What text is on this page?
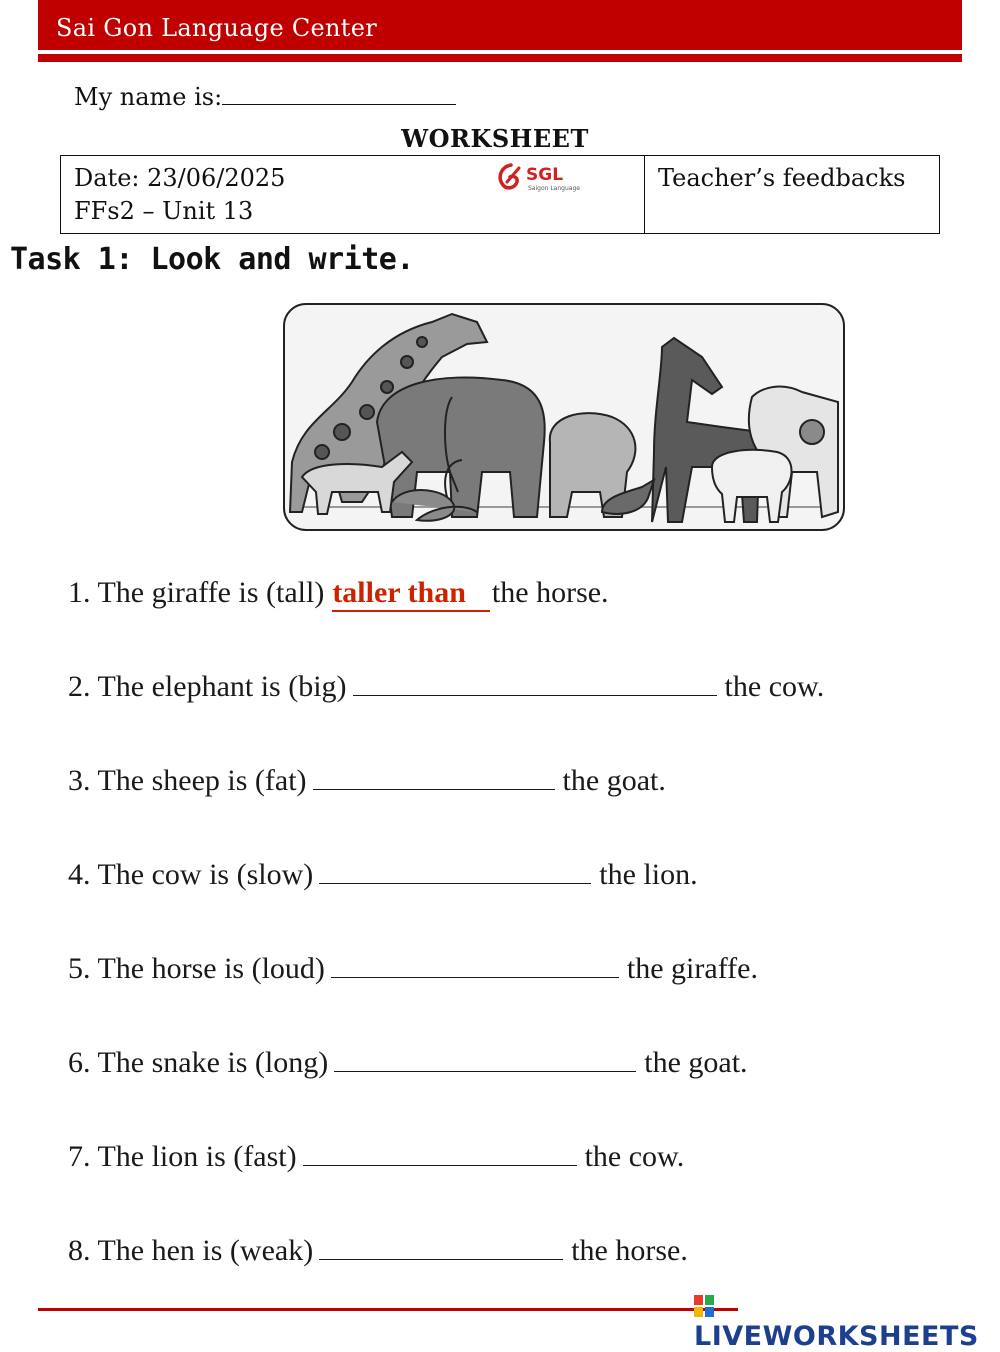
Sai Gon Language Center
My name is:
WORKSHEET
Date: 23/06/2025
FFs2 – Unit 13
SGL
Saigon Language	Teacher’s feedbacks
Task 1: Look and write.
1. The giraffe is (tall) taller than the horse.
2. The elephant is (big)	the cow.
3. The sheep is (fat)	the goat.
4. The cow is (slow)	the lion.
5. The horse is (loud)	the giraffe.
6. The snake is (long)	the goat.
7. The lion is (fast)	the cow.
8. The hen is (weak)	the horse.
LIVEWORKSHEETS
